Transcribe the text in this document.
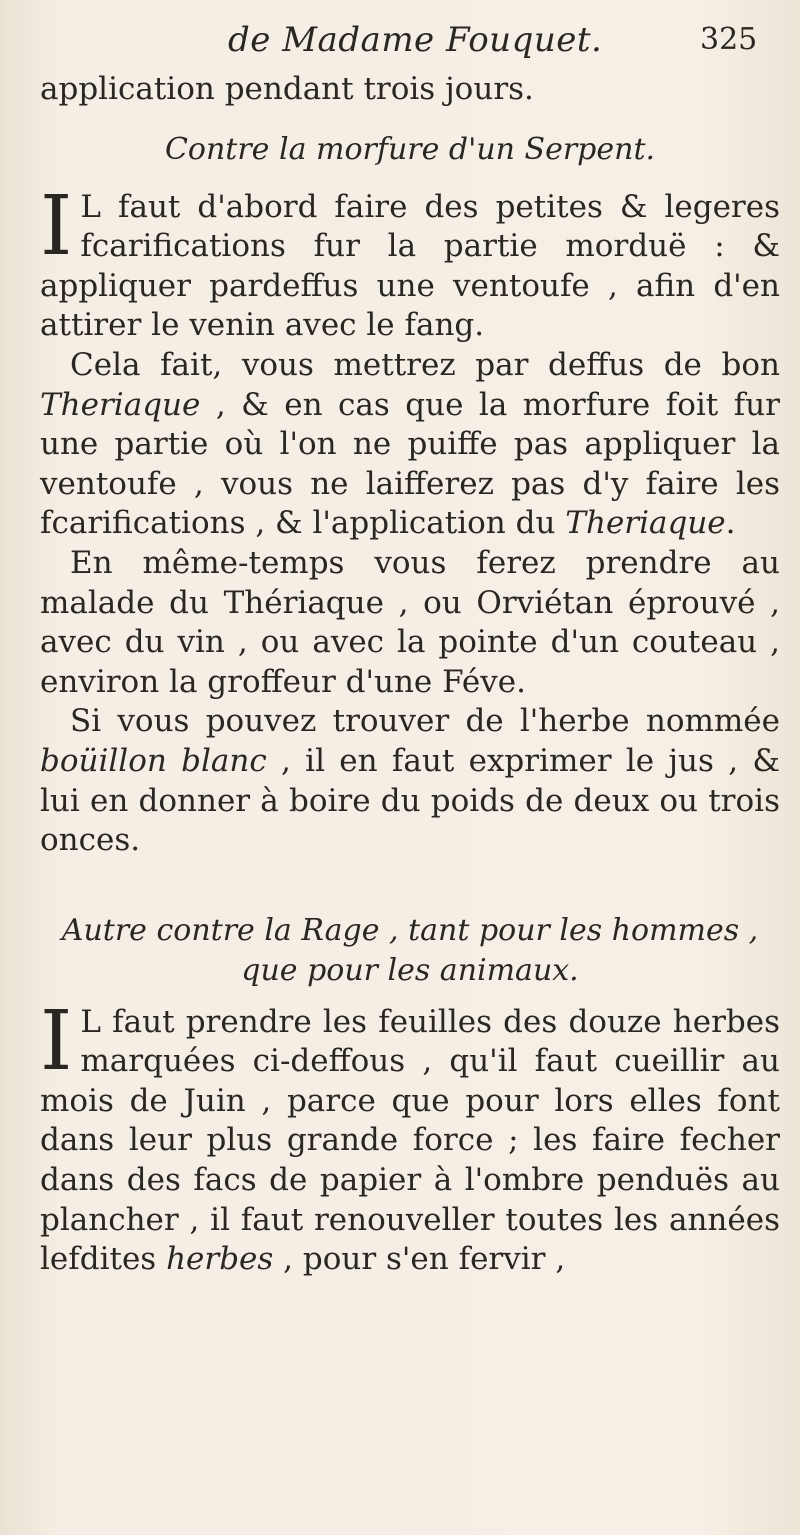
de Madame Fouquet.	325

application pendant trois jours.

Contre la morfure d'un Serpent.

I L faut d'abord faire des petites & legeres fcarifications fur la partie morduë : & appliquer pardeffus une ventoufe , afin d'en attirer le venin avec le fang.

Cela fait, vous mettrez par deffus de bon Theriaque , & en cas que la morfure foit fur une partie où l'on ne puiffe pas appliquer la ventoufe , vous ne laifferez pas d'y faire les fcarifications , & l'application du Theriaque.

En même-temps vous ferez prendre au malade du Thériaque , ou Orviétan éprouvé , avec du vin , ou avec la pointe d'un couteau , environ la groffeur d'une Féve.

Si vous pouvez trouver de l'herbe nommée boüillon blanc , il en faut exprimer le jus , & lui en donner à boire du poids de deux ou trois onces.

Autre contre la Rage , tant pour les hommes ,
que pour les animaux.

I L faut prendre les feuilles des douze herbes marquées ci-deffous , qu'il faut cueillir au mois de Juin , parce que pour lors elles font dans leur plus grande force ; les faire fecher dans des facs de papier à l'ombre penduës au plancher , il faut renouveller toutes les années lefdites herbes , pour s'en fervir ,
